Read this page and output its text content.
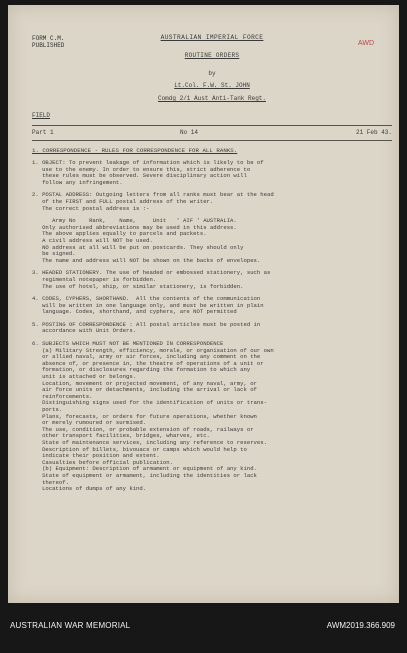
FORM C.M.
PUBLISHED	AWD
AUSTRALIAN IMPERIAL FORCE
ROUTINE ORDERS
by
Lt.Col. F.W. St. JOHN
Comdg 2/1 Aust Anti-Tank Regt.
FIELD
Part 1	No 14	21 Feb 43.
1. CORRESPONDENCE - RULES FOR CORRESPONDENCE FOR ALL RANKS.

1. OBJECT: To prevent leakage of information which is likely to be of
use to the enemy. In order to ensure this, strict adherence to
these rules must be observed. Severe disciplinary action will
follow any infringement.

2. POSTAL ADDRESS: Outgoing letters from all ranks must bear at the head
of the FIRST and FULL postal address of the writer.
The correct postal address is :-

Army No    Rank,    Name,     Unit   ' AIF ' AUSTRALIA.
Only authorised abbreviations may be used in this address.
The above applies equally to parcels and packets.
A civil address will NOT be used.
NO address at all will be put on postcards. They should only
be signed.
The name and address will NOT be shown on the backs of envelopes.

3. HEADED STATIONERY. The use of headed or embossed stationery, such as
regimental notepaper is forbidden.
The use of hotel, ship, or similar stationery, is forbidden.

4. CODES, CYPHERS, SHORTHAND.  All the contents of the communication
will be written in one language only, and must be written in plain
language. Codes, shorthand, and cyphers, are NOT permitted

5. POSTING OF CORRESPONDENCE : All postal articles must be posted in
accordance with Unit Orders.

6. SUBJECTS WHICH MUST NOT BE MENTIONED IN CORRESPONDENCE
(a) Military Strength, efficiency, morale, or organisation of our own
or allied naval, army or air forces, including any comment on the
absence of, or presence in, the theatre of operations of a unit or
formation, or disclosures regarding the formation to which any
unit is attached or belongs.
Location, movement or projected movement, of any naval, army, or
air force units or detachments, including the arrival or lack of
reinforcements.
Distinguishing signs used for the identification of units or trans-
ports.
Plans, forecasts, or orders for future operations, whether known
or merely rumoured or surmised.
The use, condition, or probable extension of roads, railways or
other transport facilities, bridges, wharves, etc.
State of maintenance services, including any reference to reserves.
Description of billets, bivouacs or camps which would help to
indicate their position and extent.
Casualties before official publication.
(b) Equipment: Description of armament or equipment of any kind.
State of equipment or armament, including the identities or lack
thereof.
Locations of dumps of any kind.

AUSTRALIAN WAR MEMORIAL	AWM2019.366.909
